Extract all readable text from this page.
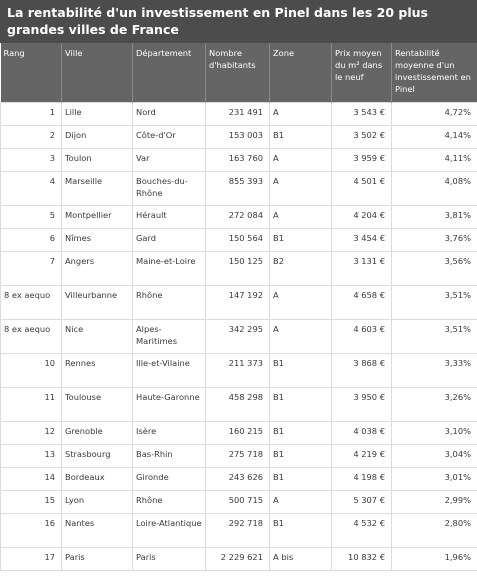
La rentabilité d'un investissement en Pinel dans les 20 plus grandes villes de France
Rang	Ville	Département	Nombre d'habitants	Zone	Prix moyen du m² dans le neuf	Rentabilité moyenne d'un investissement en Pinel
1	Lille	Nord	231 491	A	3 543 €	4,72%
2	Dijon	Côte-d'Or	153 003	B1	3 502 €	4,14%
3	Toulon	Var	163 760	A	3 959 €	4,11%
4	Marseille	Bouches-du-Rhône	855 393	A	4 501 €	4,08%
5	Montpellier	Hérault	272 084	A	4 204 €	3,81%
6	Nîmes	Gard	150 564	B1	3 454 €	3,76%
7	Angers	Maine-et-Loire	150 125	B2	3 131 €	3,56%
8 ex aequo	Villeurbanne	Rhône	147 192	A	4 658 €	3,51%
8 ex aequo	Nice	Alpes-Maritimes	342 295	A	4 603 €	3,51%
10	Rennes	Ille-et-Vilaine	211 373	B1	3 868 €	3,33%
11	Toulouse	Haute-Garonne	458 298	B1	3 950 €	3,26%
12	Grenoble	Isère	160 215	B1	4 038 €	3,10%
13	Strasbourg	Bas-Rhin	275 718	B1	4 219 €	3,04%
14	Bordeaux	Gironde	243 626	B1	4 198 €	3,01%
15	Lyon	Rhône	500 715	A	5 307 €	2,99%
16	Nantes	Loire-Atlantique	292 718	B1	4 532 €	2,80%
17	Paris	Paris	2 229 621	A bis	10 832 €	1,96%
